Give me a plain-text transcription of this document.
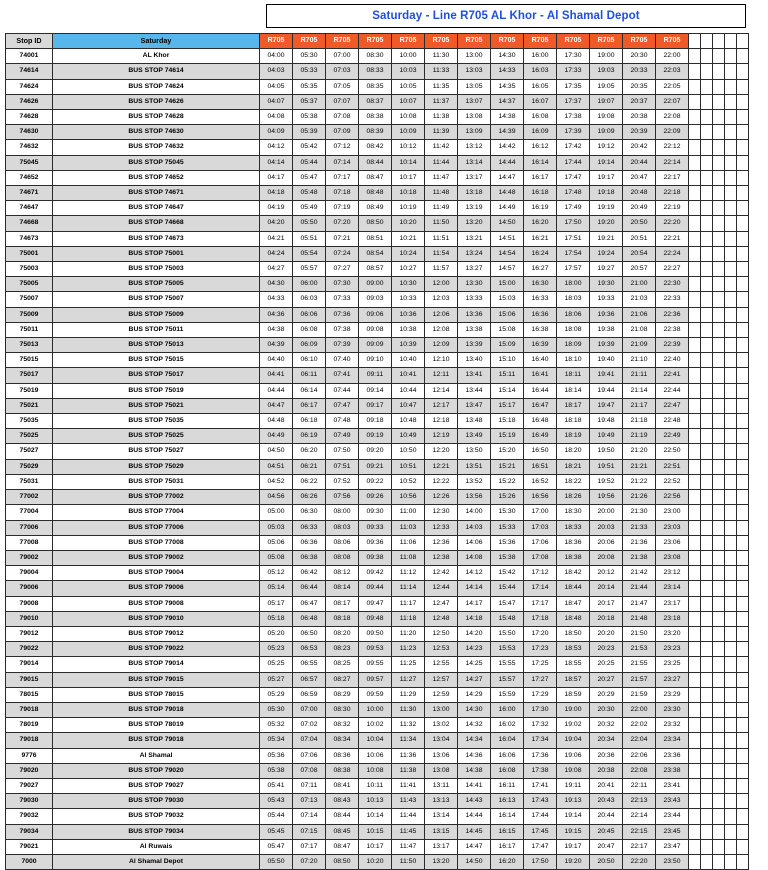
Saturday - Line R705 AL Khor - Al Shamal Depot
Stop ID	Saturday	R705	R705	R705	R705	R705	R705	R705	R705	R705	R705	R705	R705	R705					
74001	AL Khor	04:00	05:30	07:00	08:30	10:00	11:30	13:00	14:30	16:00	17:30	19:00	20:30	22:00					
74614	BUS STOP 74614	04:03	05:33	07:03	08:33	10:03	11:33	13:03	14:33	16:03	17:33	19:03	20:33	22:03					
74624	BUS STOP 74624	04:05	05:35	07:05	08:35	10:05	11:35	13:05	14:35	16:05	17:35	19:05	20:35	22:05					
74626	BUS STOP 74626	04:07	05:37	07:07	08:37	10:07	11:37	13:07	14:37	16:07	17:37	19:07	20:37	22:07					
74628	BUS STOP 74628	04:08	05:38	07:08	08:38	10:08	11:38	13:08	14:38	16:08	17:38	19:08	20:38	22:08					
74630	BUS STOP 74630	04:09	05:39	07:09	08:39	10:09	11:39	13:09	14:39	16:09	17:39	19:09	20:39	22:09					
74632	BUS STOP 74632	04:12	05:42	07:12	08:42	10:12	11:42	13:12	14:42	16:12	17:42	19:12	20:42	22:12					
75045	BUS STOP 75045	04:14	05:44	07:14	08:44	10:14	11:44	13:14	14:44	16:14	17:44	19:14	20:44	22:14					
74652	BUS STOP 74652	04:17	05:47	07:17	08:47	10:17	11:47	13:17	14:47	16:17	17:47	19:17	20:47	22:17					
74671	BUS STOP 74671	04:18	05:48	07:18	08:48	10:18	11:48	13:18	14:48	16:18	17:48	19:18	20:48	22:18					
74647	BUS STOP 74647	04:19	05:49	07:19	08:49	10:19	11:49	13:19	14:49	16:19	17:49	19:19	20:49	22:19					
74668	BUS STOP 74668	04:20	05:50	07:20	08:50	10:20	11:50	13:20	14:50	16:20	17:50	19:20	20:50	22:20					
74673	BUS STOP 74673	04:21	05:51	07:21	08:51	10:21	11:51	13:21	14:51	16:21	17:51	19:21	20:51	22:21					
75001	BUS STOP 75001	04:24	05:54	07:24	08:54	10:24	11:54	13:24	14:54	16:24	17:54	19:24	20:54	22:24					
75003	BUS STOP 75003	04:27	05:57	07:27	08:57	10:27	11:57	13:27	14:57	16:27	17:57	19:27	20:57	22:27					
75005	BUS STOP 75005	04:30	06:00	07:30	09:00	10:30	12:00	13:30	15:00	16:30	18:00	19:30	21:00	22:30					
75007	BUS STOP 75007	04:33	06:03	07:33	09:03	10:33	12:03	13:33	15:03	16:33	18:03	19:33	21:03	22:33					
75009	BUS STOP 75009	04:36	06:06	07:36	09:06	10:36	12:06	13:36	15:06	16:36	18:06	19:36	21:06	22:36					
75011	BUS STOP 75011	04:38	06:08	07:38	09:08	10:38	12:08	13:38	15:08	16:38	18:08	19:38	21:08	22:38					
75013	BUS STOP 75013	04:39	06:09	07:39	09:09	10:39	12:09	13:39	15:09	16:39	18:09	19:39	21:09	22:39					
75015	BUS STOP 75015	04:40	06:10	07:40	09:10	10:40	12:10	13:40	15:10	16:40	18:10	19:40	21:10	22:40					
75017	BUS STOP 75017	04:41	06:11	07:41	09:11	10:41	12:11	13:41	15:11	16:41	18:11	19:41	21:11	22:41					
75019	BUS STOP 75019	04:44	06:14	07:44	09:14	10:44	12:14	13:44	15:14	16:44	18:14	19:44	21:14	22:44					
75021	BUS STOP 75021	04:47	06:17	07:47	09:17	10:47	12:17	13:47	15:17	16:47	18:17	19:47	21:17	22:47					
75035	BUS STOP 75035	04:48	06:18	07:48	09:18	10:48	12:18	13:48	15:18	16:48	18:18	19:48	21:18	22:48					
75025	BUS STOP 75025	04:49	06:19	07:49	09:19	10:49	12:19	13:49	15:19	16:49	18:19	19:49	21:19	22:49					
75027	BUS STOP 75027	04:50	06:20	07:50	09:20	10:50	12:20	13:50	15:20	16:50	18:20	19:50	21:20	22:50					
75029	BUS STOP 75029	04:51	06:21	07:51	09:21	10:51	12:21	13:51	15:21	16:51	18:21	19:51	21:21	22:51					
75031	BUS STOP 75031	04:52	06:22	07:52	09:22	10:52	12:22	13:52	15:22	16:52	18:22	19:52	21:22	22:52					
77002	BUS STOP 77002	04:56	06:26	07:56	09:26	10:56	12:26	13:56	15:26	16:56	18:26	19:56	21:26	22:56					
77004	BUS STOP 77004	05:00	06:30	08:00	09:30	11:00	12:30	14:00	15:30	17:00	18:30	20:00	21:30	23:00					
77006	BUS STOP 77006	05:03	06:33	08:03	09:33	11:03	12:33	14:03	15:33	17:03	18:33	20:03	21:33	23:03					
77008	BUS STOP 77008	05:06	06:36	08:06	09:36	11:06	12:36	14:06	15:36	17:06	18:36	20:06	21:36	23:06					
79002	BUS STOP 79002	05:08	06:38	08:08	09:38	11:08	12:38	14:08	15:38	17:08	18:38	20:08	21:38	23:08					
79004	BUS STOP 79004	05:12	06:42	08:12	09:42	11:12	12:42	14:12	15:42	17:12	18:42	20:12	21:42	23:12					
79006	BUS STOP 79006	05:14	06:44	08:14	09:44	11:14	12:44	14:14	15:44	17:14	18:44	20:14	21:44	23:14					
79008	BUS STOP 79008	05:17	06:47	08:17	09:47	11:17	12:47	14:17	15:47	17:17	18:47	20:17	21:47	23:17					
79010	BUS STOP 79010	05:18	06:48	08:18	09:48	11:18	12:48	14:18	15:48	17:18	18:48	20:18	21:48	23:18					
79012	BUS STOP 79012	05:20	06:50	08:20	09:50	11:20	12:50	14:20	15:50	17:20	18:50	20:20	21:50	23:20					
79022	BUS STOP 79022	05:23	06:53	08:23	09:53	11:23	12:53	14:23	15:53	17:23	18:53	20:23	21:53	23:23					
79014	BUS STOP 79014	05:25	06:55	08:25	09:55	11:25	12:55	14:25	15:55	17:25	18:55	20:25	21:55	23:25					
79015	BUS STOP 79015	05:27	06:57	08:27	09:57	11:27	12:57	14:27	15:57	17:27	18:57	20:27	21:57	23:27					
78015	BUS STOP 78015	05:29	06:59	08:29	09:59	11:29	12:59	14:29	15:59	17:29	18:59	20:29	21:59	23:29					
79018	BUS STOP 79018	05:30	07:00	08:30	10:00	11:30	13:00	14:30	16:00	17:30	19:00	20:30	22:00	23:30					
78019	BUS STOP 78019	05:32	07:02	08:32	10:02	11:32	13:02	14:32	16:02	17:32	19:02	20:32	22:02	23:32					
79018	BUS STOP 79018	05:34	07:04	08:34	10:04	11:34	13:04	14:34	16:04	17:34	19:04	20:34	22:04	23:34					
9776	Al Shamal	05:36	07:06	08:36	10:06	11:36	13:06	14:36	16:06	17:36	19:06	20:36	22:06	23:36					
79020	BUS STOP 79020	05:38	07:08	08:38	10:08	11:38	13:08	14:38	16:08	17:38	19:08	20:38	22:08	23:38					
79027	BUS STOP 79027	05:41	07:11	08:41	10:11	11:41	13:11	14:41	16:11	17:41	19:11	20:41	22:11	23:41					
79030	BUS STOP 79030	05:43	07:13	08:43	10:13	11:43	13:13	14:43	16:13	17:43	19:13	20:43	22:13	23:43					
79032	BUS STOP 79032	05:44	07:14	08:44	10:14	11:44	13:14	14:44	16:14	17:44	19:14	20:44	22:14	23:44					
79034	BUS STOP 79034	05:45	07:15	08:45	10:15	11:45	13:15	14:45	16:15	17:45	19:15	20:45	22:15	23:45					
79021	Al Ruwais	05:47	07:17	08:47	10:17	11:47	13:17	14:47	16:17	17:47	19:17	20:47	22:17	23:47					
7000	Al Shamal Depot	05:50	07:20	08:50	10:20	11:50	13:20	14:50	16:20	17:50	19:20	20:50	22:20	23:50					
